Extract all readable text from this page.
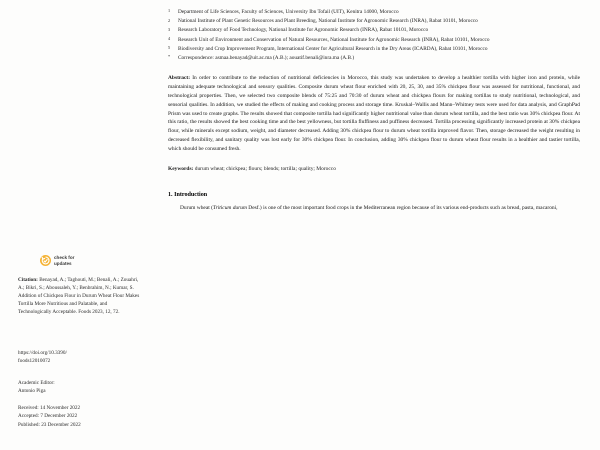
check for
updates
Citation: Benayad, A.; Taghouti, M.; Benali, A.; Zouahri, A.; Bikri, S.; Aboussaleh, Y.; Benbrahim, N.; Kumar, S. Addition of Chickpea Flour in Durum Wheat Flour Makes Tortilla More Nutritious and Palatable, and Technologically Acceptable. Foods 2023, 12, 72.
https://doi.org/10.3390/
foods12010072
Academic Editor:
Antonio Piga
Received: 14 November 2022
Accepted: 7 December 2022
Published: 23 December 2022
1	Department of Life Sciences, Faculty of Sciences, University Ibn Tofail (UIT), Kenitra 14000, Morocco
2	National Institute of Plant Genetic Resources and Plant Breeding, National Institute for Agronomic Research (INRA), Rabat 10101, Morocco
3	Research Laboratory of Food Technology, National Institute for Agronomic Research (INRA), Rabat 10101, Morocco
4	Research Unit of Environment and Conservation of Natural Resources, National Institute for Agronomic Research (INRA), Rabat 10101, Morocco
5	Biodiversity and Crop Improvement Program, International Center for Agricultural Research in the Dry Areas (ICARDA), Rabat 10101, Morocco
*	Correspondence: asmaa.benayad@uit.ac.ma (A.B.); aouatif.benali@inra.ma (A.B.)
Abstract: In order to contribute to the reduction of nutritional deficiencies in Morocco, this study was undertaken to develop a healthier tortilla with higher iron and protein, while maintaining adequate technological and sensory qualities. Composite durum wheat flour enriched with 20, 25, 30, and 35% chickpea flour was assessed for nutritional, functional, and technological properties. Then, we selected two composite blends of 75:25 and 70:30 of durum wheat and chickpea flours for making tortillas to study nutritional, technological, and sensorial qualities. In addition, we studied the effects of making and cooking process and storage time. Kruskal–Wallis and Mann–Whitney tests were used for data analysis, and GraphPad Prism was used to create graphs. The results showed that composite tortilla had significantly higher nutritional value than durum wheat tortilla, and the best ratio was 30% chickpea flour. At this ratio, the results showed the best cooking time and the best yellowness, but tortilla fluffiness and puffiness decreased. Tortilla processing significantly increased protein at 30% chickpea flour, while minerals except sodium, weight, and diameter decreased. Adding 30% chickpea flour to durum wheat tortilla improved flavor. Then, storage decreased the weight resulting in decreased flexibility, and sanitary quality was lost early for 30% chickpea flour. In conclusion, adding 30% chickpea flour to durum wheat flour results in a healthier and tastier tortilla, which should be consumed fresh.
Keywords: durum wheat; chickpea; flours; blends; tortilla; quality; Morocco
1. Introduction
Durum wheat (Triticum durum Desf.) is one of the most important food crops in the Mediterranean region because of its various end-products such as bread, pasta, macaroni,
